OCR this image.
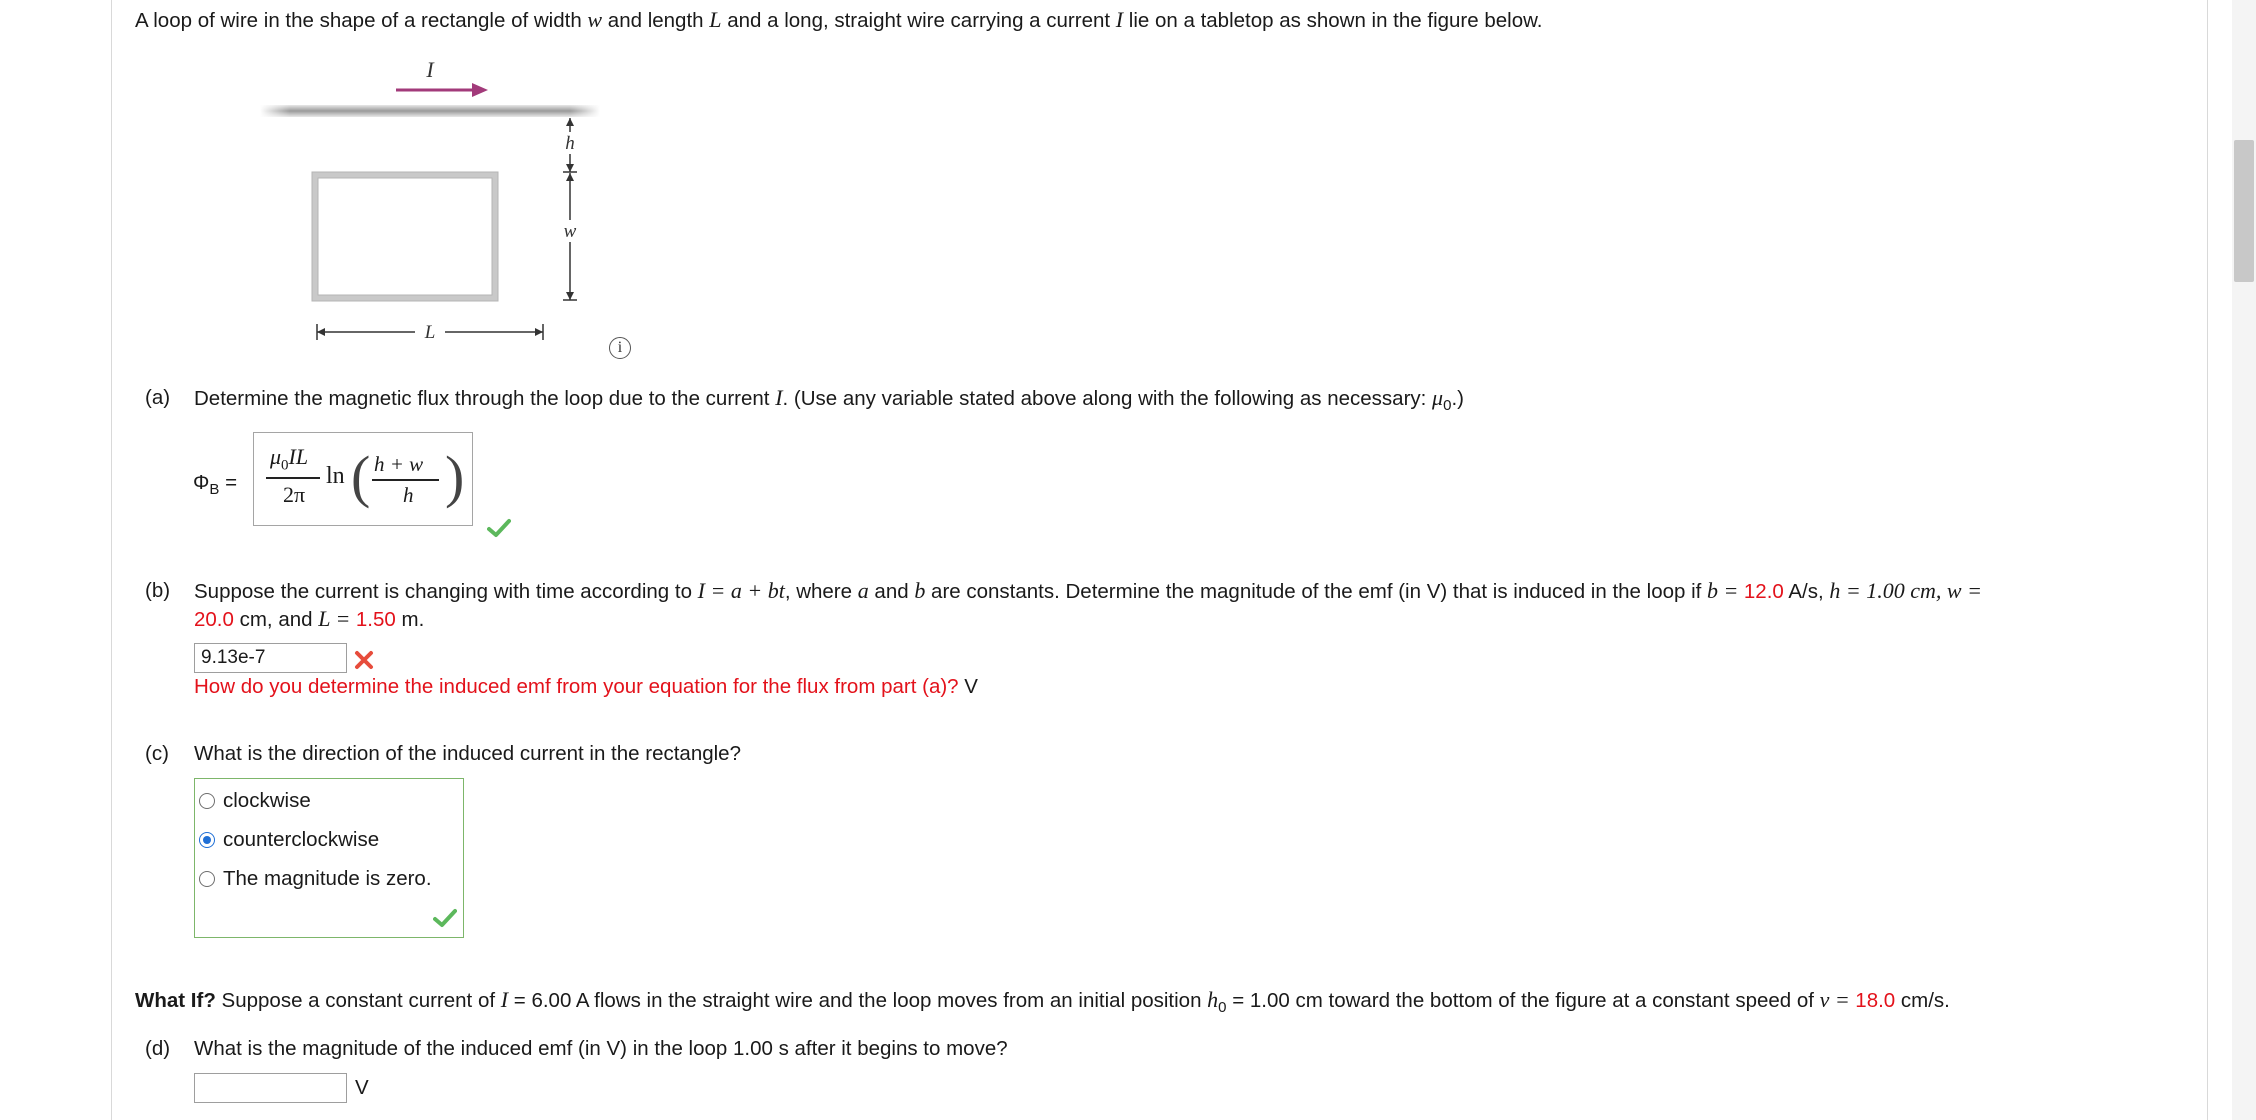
A loop of wire in the shape of a rectangle of width w and length L and a long, straight wire carrying a current I lie on a tabletop as shown in the figure below.
I
h
w
L
i
(a) Determine the magnetic flux through the loop due to the current I. (Use any variable stated above along with the following as necessary: $\mu_0$.)
$\Phi_B$ =
$\mu_0IL$
2π
ln ( h + w
h )
(b) Suppose the current is changing with time according to I = a + bt, where a and b are constants. Determine the magnitude of the emf (in V) that is induced in the loop if b = 12.0 A/s, h = 1.00 cm, w =
20.0 cm, and L = 1.50 m.
9.13e-7
How do you determine the induced emf from your equation for the flux from part (a)? V
(c) What is the direction of the induced current in the rectangle?
clockwise
counterclockwise
The magnitude is zero.
What If? Suppose a constant current of I = 6.00 A flows in the straight wire and the loop moves from an initial position $h_0 = 1.00$ cm toward the bottom of the figure at a constant speed of v = 18.0 cm/s.
(d) What is the magnitude of the induced emf (in V) in the loop 1.00 s after it begins to move?
V
